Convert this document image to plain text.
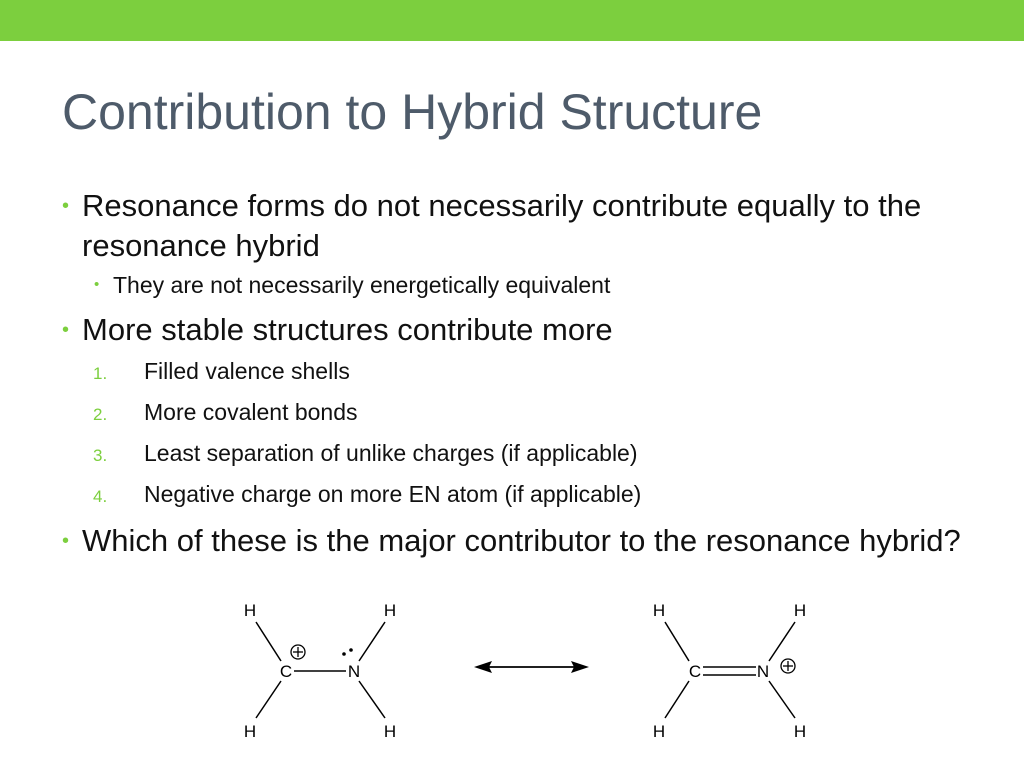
Contribution to Hybrid Structure
• Resonance forms do not necessarily contribute equally to the resonance hybrid
• They are not necessarily energetically equivalent
• More stable structures contribute more
1. Filled valence shells
2. More covalent bonds
3. Least separation of unlike charges (if applicable)
4. Negative charge on more EN atom (if applicable)
• Which of these is the major contributor to the resonance hybrid?
H	H
H	H
C	N
H	H
H	H
C	N
